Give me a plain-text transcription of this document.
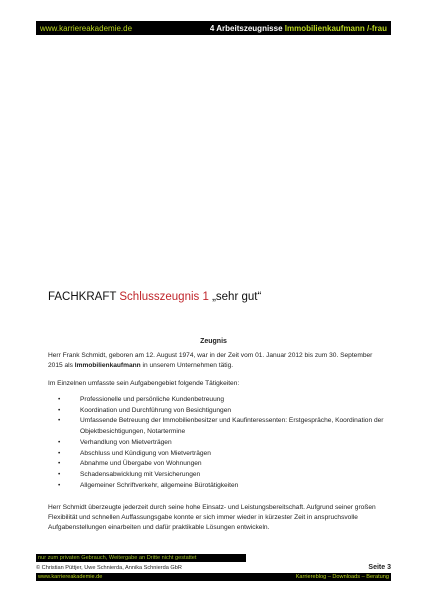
www.karriereakademie.de	4 Arbeitszeugnisse Immobilienkaufmann /-frau
FACHKRAFT Schlusszeugnis 1 „sehr gut“
Zeugnis
Herr Frank Schmidt, geboren am 12. August 1974, war in der Zeit vom 01. Januar 2012 bis zum 30. September 2015 als Immobilienkaufmann in unserem Unternehmen tätig.
Im Einzelnen umfasste sein Aufgabengebiet folgende Tätigkeiten:
•	Professionelle und persönliche Kundenbetreuung
•	Koordination und Durchführung von Besichtigungen
•	Umfassende Betreuung der Immobilienbesitzer und Kaufinteressenten: Erstgespräche, Koordination der Objektbesichtigungen, Notartermine
•	Verhandlung von Mietverträgen
•	Abschluss und Kündigung von Mietverträgen
•	Abnahme und Übergabe von Wohnungen
•	Schadensabwicklung mit Versicherungen
•	Allgemeiner Schriftverkehr, allgemeine Bürotätigkeiten
Herr Schmidt überzeugte jederzeit durch seine hohe Einsatz- und Leistungsbereitschaft. Aufgrund seiner großen Flexibilität und schnellen Auffassungsgabe konnte er sich immer wieder in kürzester Zeit in anspruchsvolle Aufgabenstellungen einarbeiten und dafür praktikable Lösungen entwickeln.
nur zum privaten Gebrauch, Weitergabe an Dritte nicht gestattet
© Christian Püttjer, Uwe Schnierda, Annika Schnierda GbR	Seite 3
www.karriereakademie.de	Karriereblog – Downloads – Beratung
